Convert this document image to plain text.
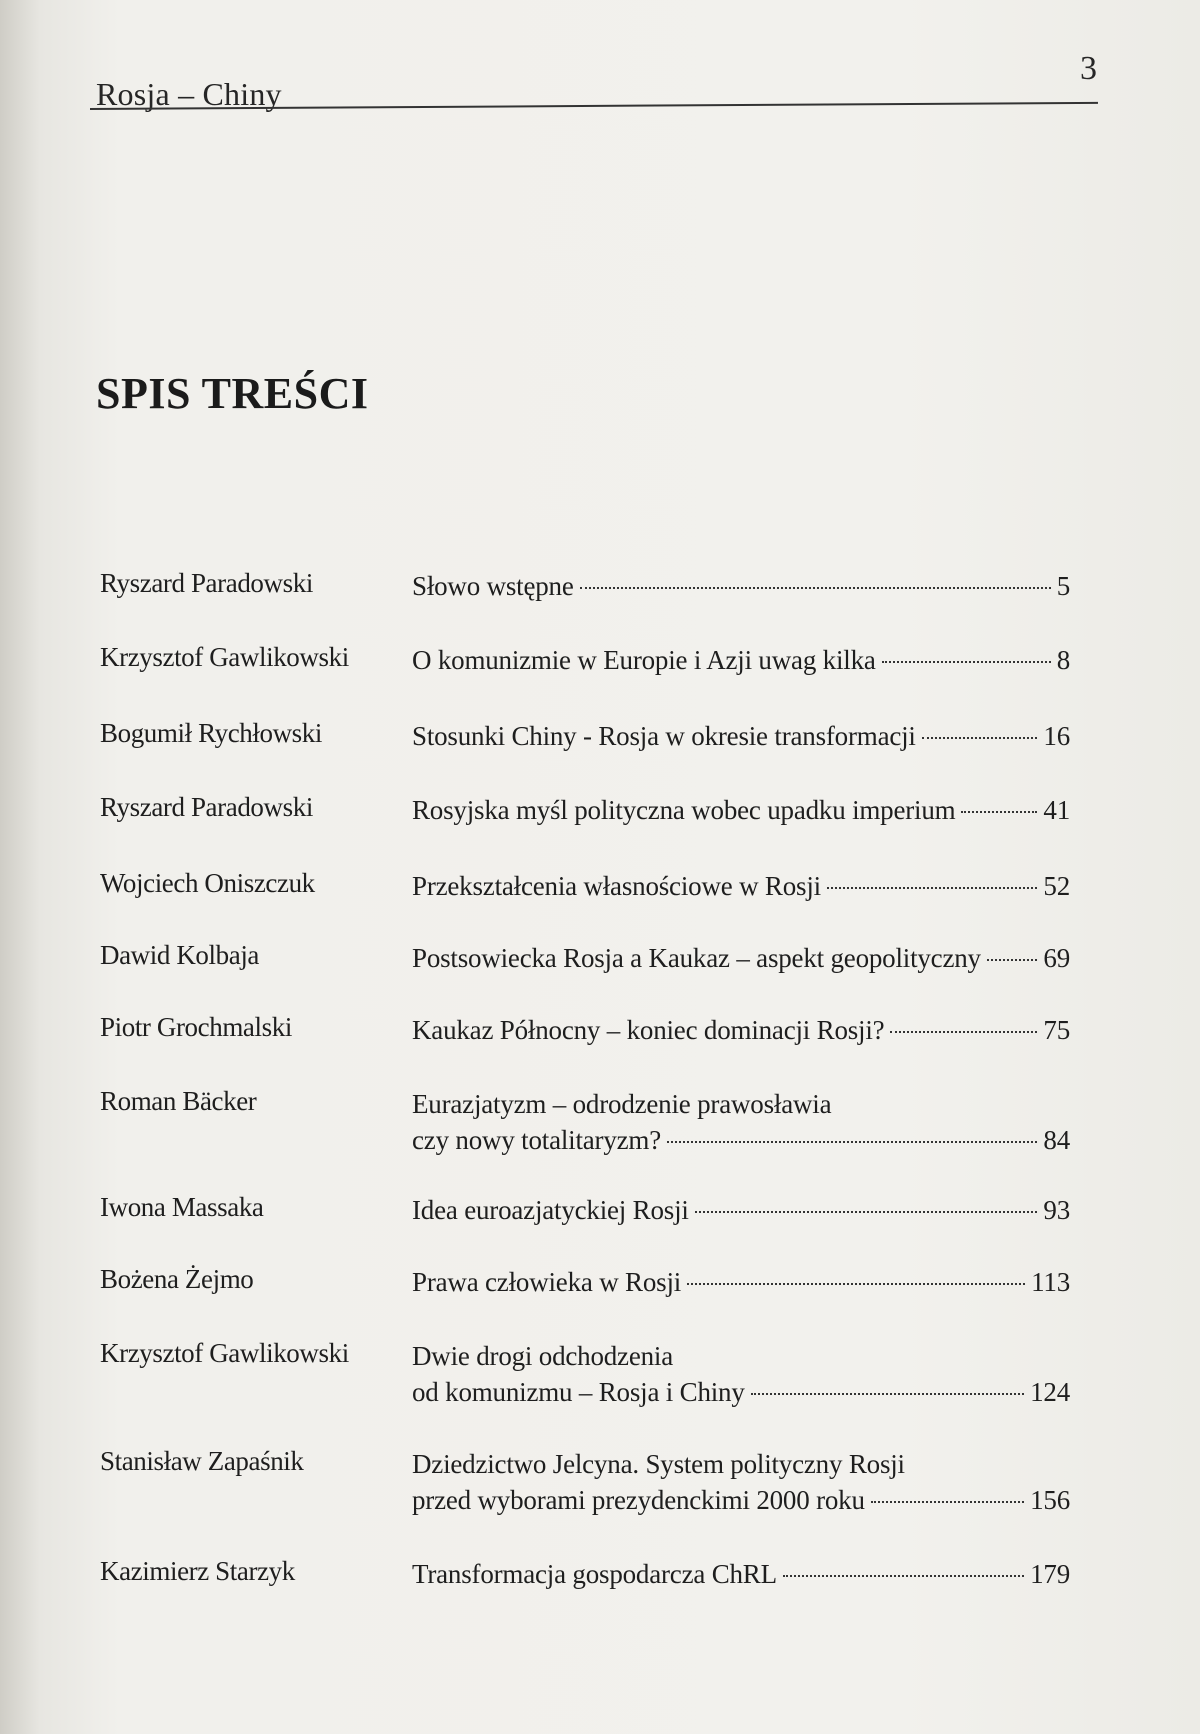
Rosja – Chiny
3
SPIS TREŚCI
Ryszard Paradowski	Słowo wstępne	5
Krzysztof Gawlikowski O komunizmie w Europie i Azji uwag kilka	8
Bogumił Rychłowski	Stosunki Chiny - Rosja w okresie transformacji	16
Ryszard Paradowski	Rosyjska myśl polityczna wobec upadku imperium	41
Wojciech Oniszczuk	Przekształcenia własnościowe w Rosji	52
Dawid Kolbaja	Postsowiecka Rosja a Kaukaz – aspekt geopolityczny 69
Piotr Grochmalski	Kaukaz Północny – koniec dominacji Rosji?	75
Roman Bäcker	Eurazjatyzm – odrodzenie prawosławia
czy nowy totalitaryzm?	84
Iwona Massaka	Idea euroazjatyckiej Rosji	93
Bożena Żejmo	Prawa człowieka w Rosji	113
Krzysztof Gawlikowski Dwie drogi odchodzenia
od komunizmu – Rosja i Chiny	124
Stanisław Zapaśnik	Dziedzictwo Jelcyna. System polityczny Rosji
przed wyborami prezydenckimi 2000 roku	156
Kazimierz Starzyk	Transformacja gospodarcza ChRL	179
